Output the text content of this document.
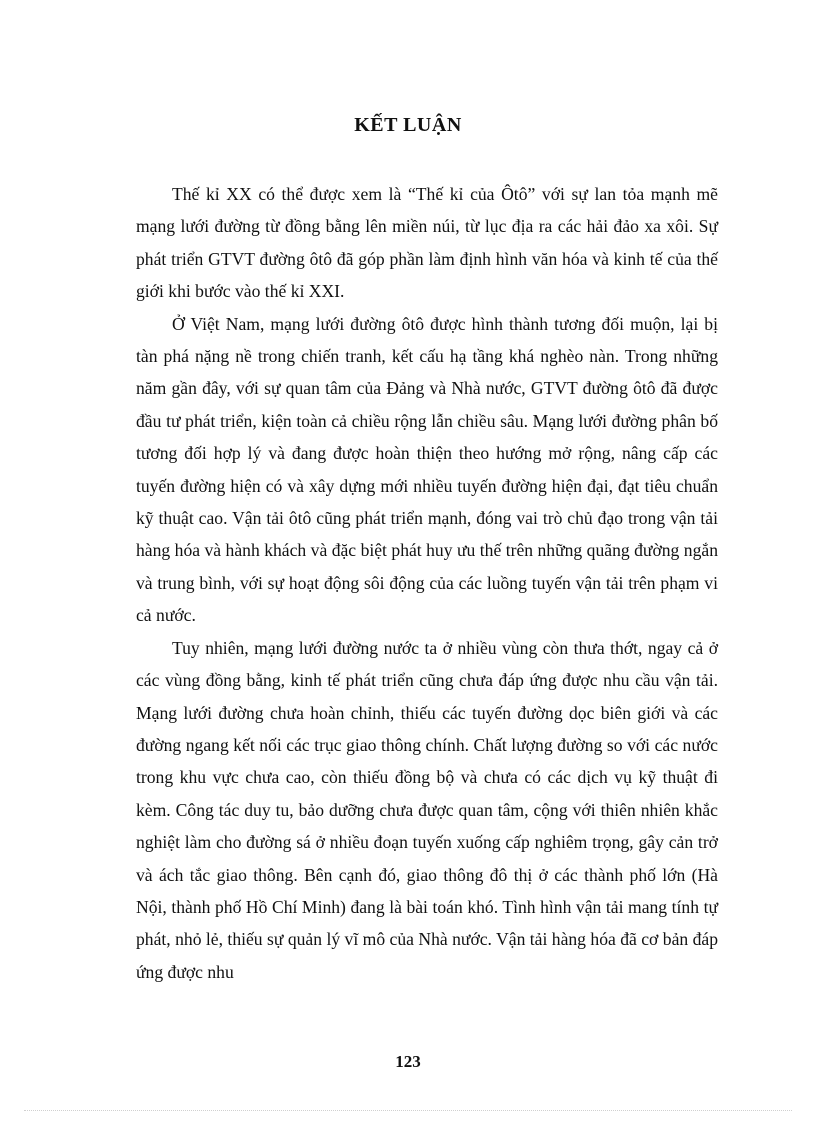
KẾT LUẬN

Thế kỉ XX có thể được xem là “Thế kỉ của Ôtô” với sự lan tỏa mạnh mẽ mạng lưới đường từ đồng bằng lên miền núi, từ lục địa ra các hải đảo xa xôi. Sự phát triển GTVT đường ôtô đã góp phần làm định hình văn hóa và kinh tế của thế giới khi bước vào thế kỉ XXI.

Ở Việt Nam, mạng lưới đường ôtô được hình thành tương đối muộn, lại bị tàn phá nặng nề trong chiến tranh, kết cấu hạ tầng khá nghèo nàn. Trong những năm gần đây, với sự quan tâm của Đảng và Nhà nước, GTVT đường ôtô đã được đầu tư phát triển, kiện toàn cả chiều rộng lẫn chiều sâu. Mạng lưới đường phân bố tương đối hợp lý và đang được hoàn thiện theo hướng mở rộng, nâng cấp các tuyến đường hiện có và xây dựng mới nhiều tuyến đường hiện đại, đạt tiêu chuẩn kỹ thuật cao. Vận tải ôtô cũng phát triển mạnh, đóng vai trò chủ đạo trong vận tải hàng hóa và hành khách và đặc biệt phát huy ưu thế trên những quãng đường ngắn và trung bình, với sự hoạt động sôi động của các luồng tuyến vận tải trên phạm vi cả nước.

Tuy nhiên, mạng lưới đường nước ta ở nhiều vùng còn thưa thớt, ngay cả ở các vùng đồng bằng, kinh tế phát triển cũng chưa đáp ứng được nhu cầu vận tải. Mạng lưới đường chưa hoàn chỉnh, thiếu các tuyến đường dọc biên giới và các đường ngang kết nối các trục giao thông chính. Chất lượng đường so với các nước trong khu vực chưa cao, còn thiếu đồng bộ và chưa có các dịch vụ kỹ thuật đi kèm. Công tác duy tu, bảo dưỡng chưa được quan tâm, cộng với thiên nhiên khắc nghiệt làm cho đường sá ở nhiều đoạn tuyến xuống cấp nghiêm trọng, gây cản trở và ách tắc giao thông. Bên cạnh đó, giao thông đô thị ở các thành phố lớn (Hà Nội, thành phố Hồ Chí Minh) đang là bài toán khó. Tình hình vận tải mang tính tự phát, nhỏ lẻ, thiếu sự quản lý vĩ mô của Nhà nước. Vận tải hàng hóa đã cơ bản đáp ứng được nhu

123
